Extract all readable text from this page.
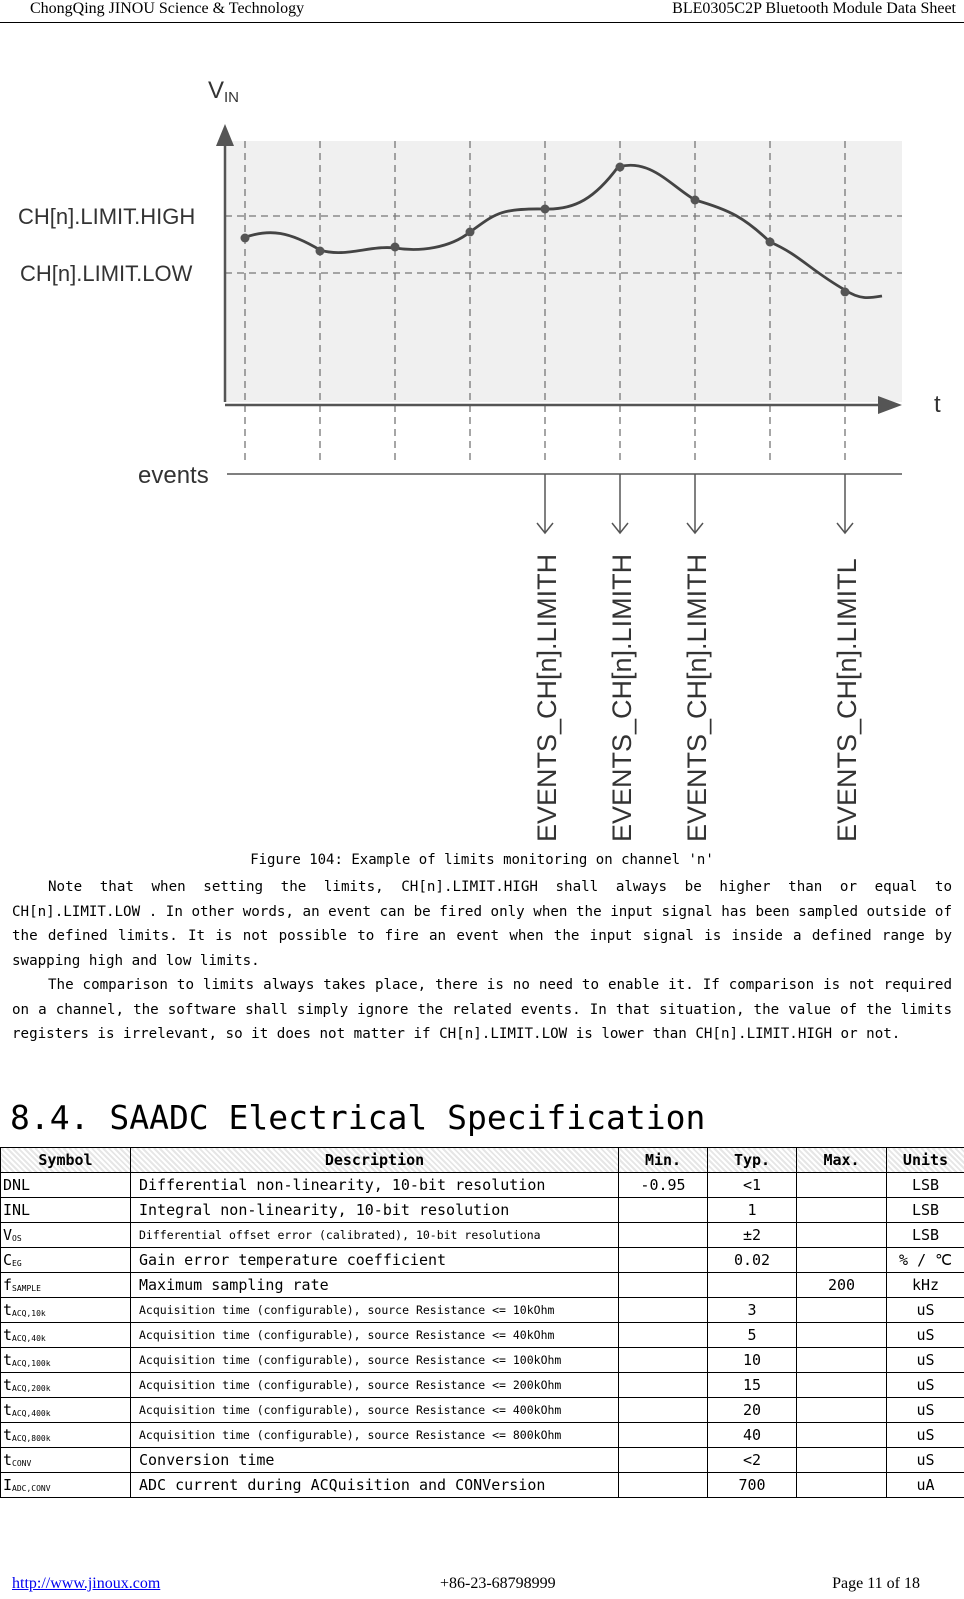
ChongQing JINOU Science & Technology	BLE0305C2P Bluetooth Module Data Sheet
VIN
CH[n].LIMIT.HIGH
CH[n].LIMIT.LOW
t
events
EVENTS_CH[n].LIMITH EVENTS_CH[n].LIMITH EVENTS_CH[n].LIMITH	EVENTS_CH[n].LIMITL
Figure 104: Example of limits monitoring on channel 'n'

Note that when setting the limits, CH[n].LIMIT.HIGH shall always be higher than or equal to CH[n].LIMIT.LOW . In other words, an event can be fired only when the input signal has been sampled outside of the defined limits. It is not possible to fire an event when the input signal is inside a defined range by swapping high and low limits.

The comparison to limits always takes place, there is no need to enable it. If comparison is not required on a channel, the software shall simply ignore the related events. In that situation, the value of the limits registers is irrelevant, so it does not matter if CH[n].LIMIT.LOW is lower than CH[n].LIMIT.HIGH or not.

8.4. SAADC Electrical Specification
Symbol	Description	Min.	Typ.	Max.	Units
DNL	Differential non-linearity, 10-bit resolution	-0.95	<1		LSB
INL	Integral non-linearity, 10-bit resolution		1		LSB
VOS	Differential offset error (calibrated), 10-bit resolutiona		±2		LSB
CEG	Gain error temperature coefficient		0.02		% / ℃
fSAMPLE	Maximum sampling rate			200	kHz
tACQ,10k	Acquisition time (configurable), source Resistance <= 10kOhm		3		uS
tACQ,40k	Acquisition time (configurable), source Resistance <= 40kOhm		5		uS
tACQ,100k	Acquisition time (configurable), source Resistance <= 100kOhm		10		uS
tACQ,200k	Acquisition time (configurable), source Resistance <= 200kOhm		15		uS
tACQ,400k	Acquisition time (configurable), source Resistance <= 400kOhm		20		uS
tACQ,800k	Acquisition time (configurable), source Resistance <= 800kOhm		40		uS
tCONV	Conversion time		<2		uS
IADC,CONV	ADC current during ACQuisition and CONVersion		700		uA
http://www.jinoux.com	+86-23-68798999	Page 11 of 18
